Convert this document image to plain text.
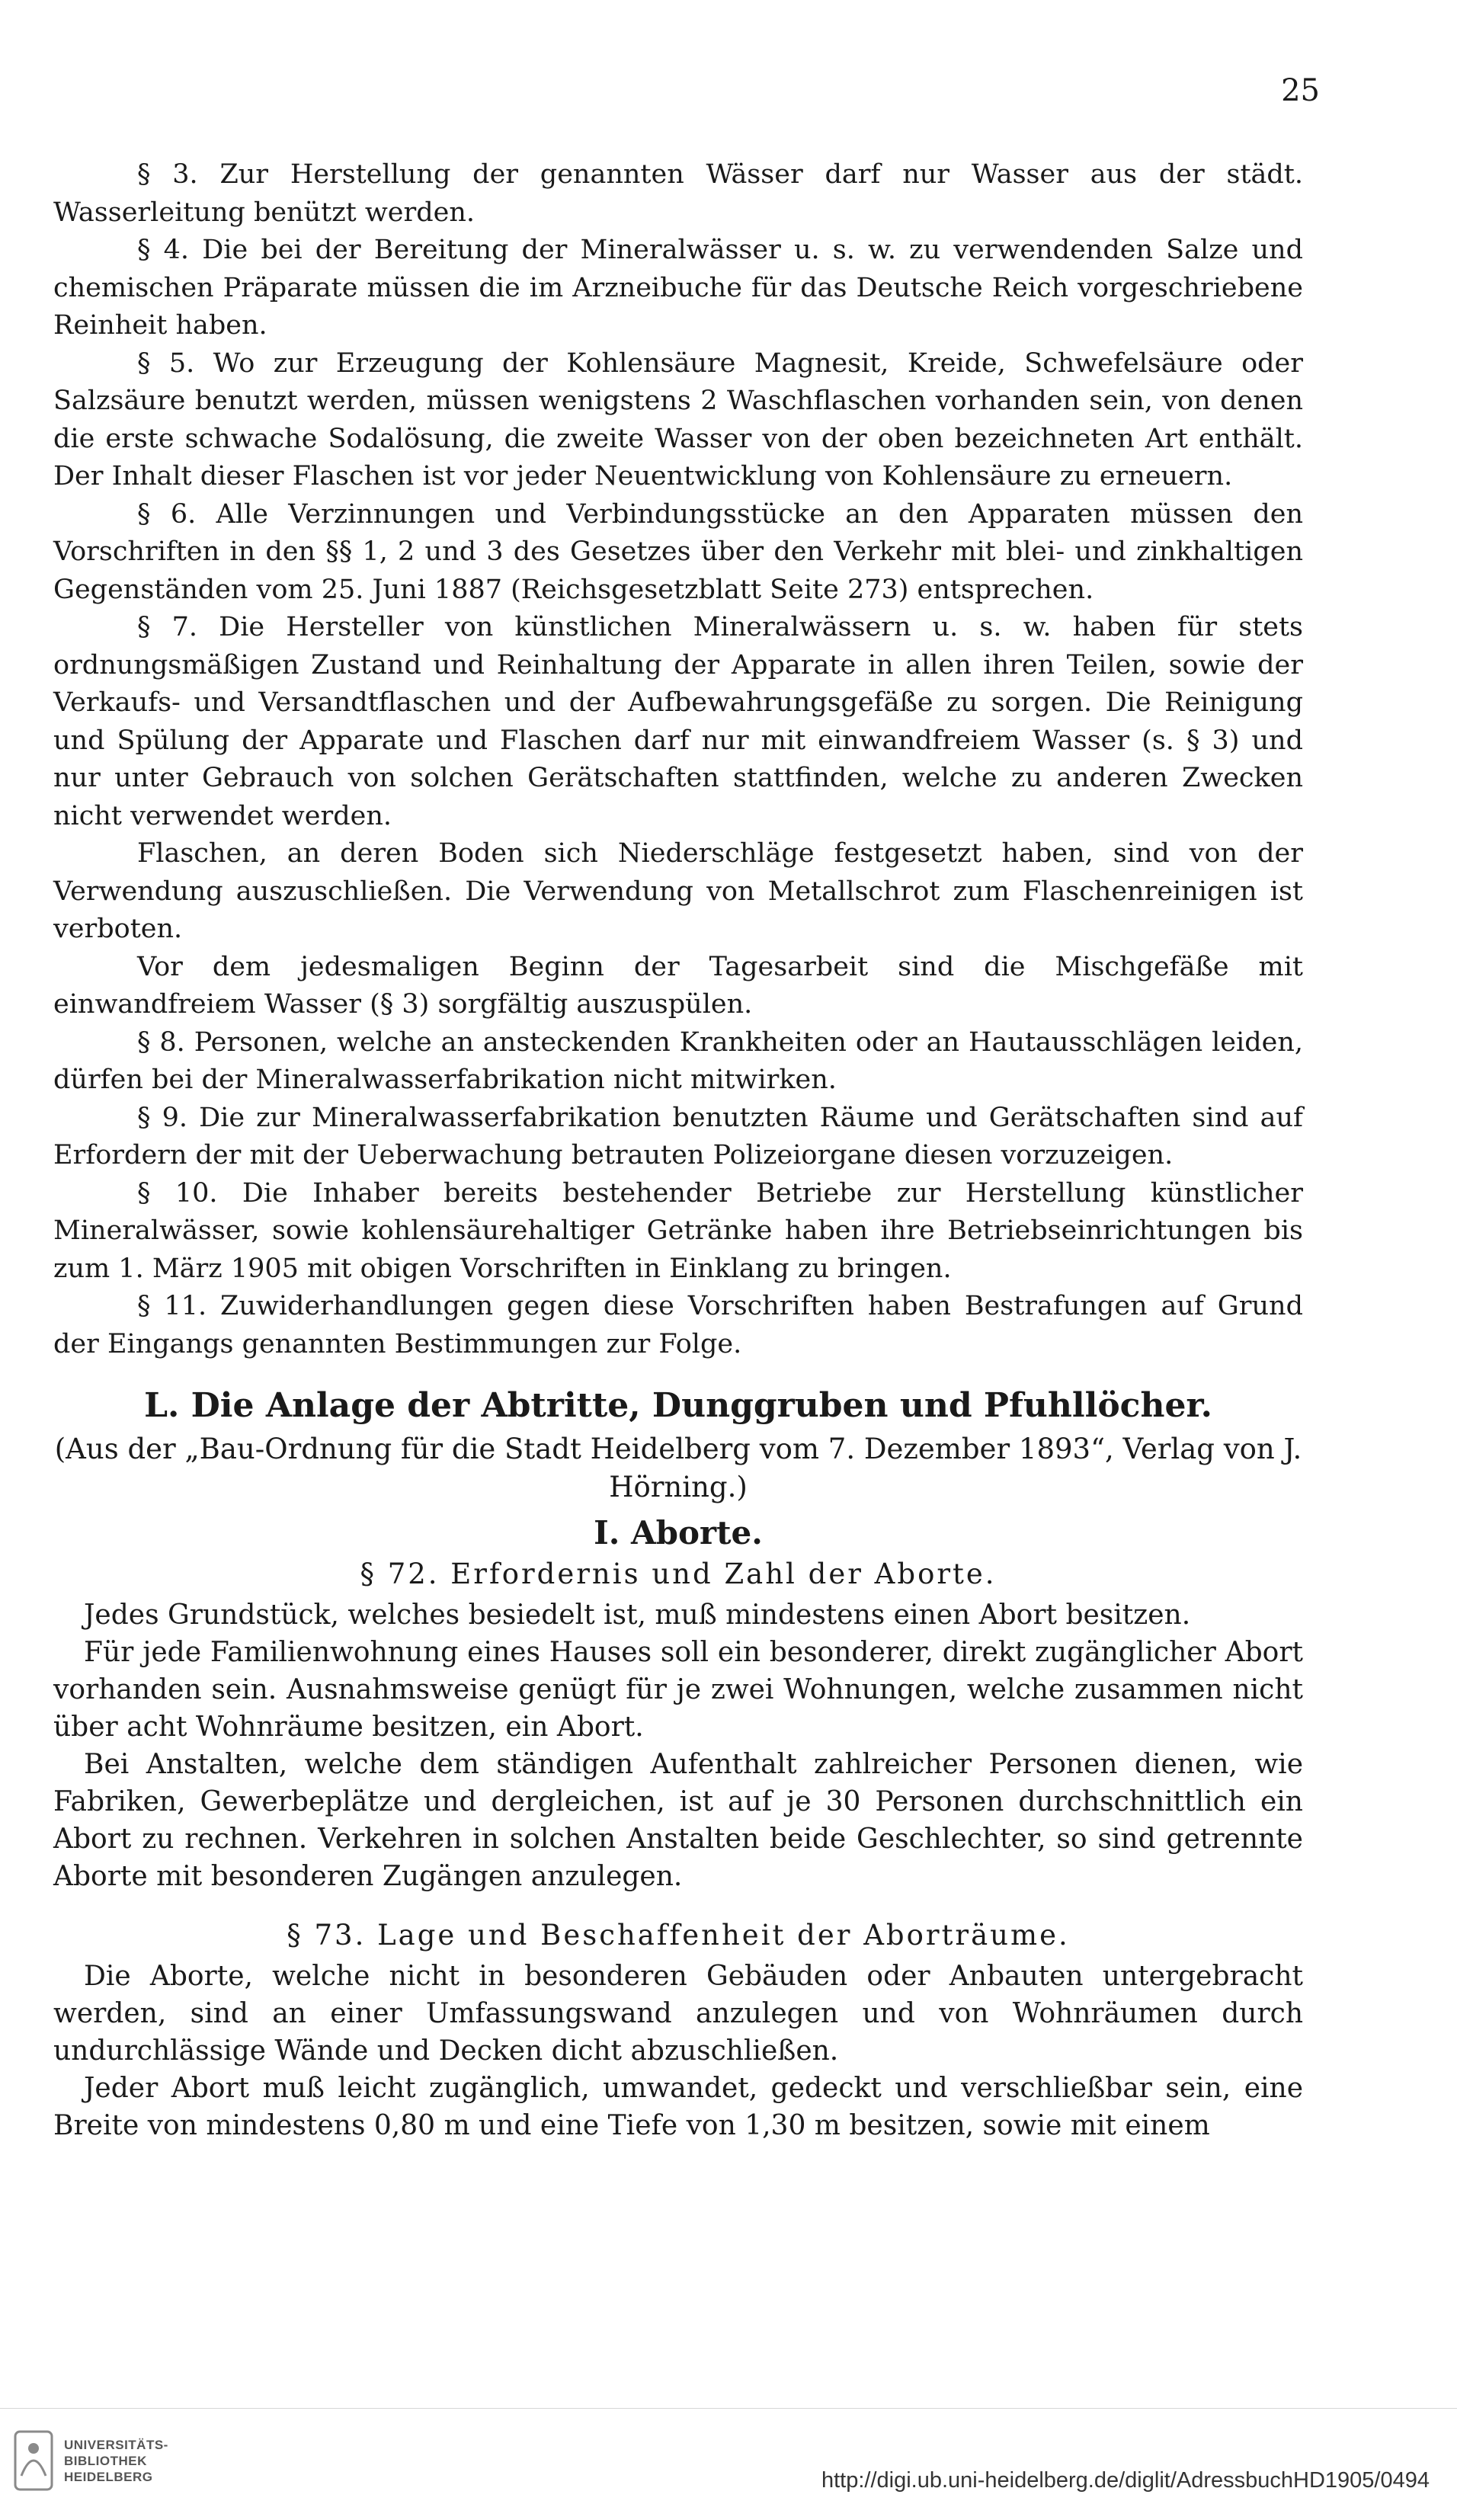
25

§ 3. Zur Herstellung der genannten Wässer darf nur Wasser aus der städt. Wasserleitung benützt werden.

§ 4. Die bei der Bereitung der Mineralwässer u. s. w. zu verwendenden Salze und chemischen Präparate müssen die im Arzneibuche für das Deutsche Reich vorgeschriebene Reinheit haben.

§ 5. Wo zur Erzeugung der Kohlensäure Magnesit, Kreide, Schwefelsäure oder Salzsäure benutzt werden, müssen wenigstens 2 Waschflaschen vorhanden sein, von denen die erste schwache Sodalösung, die zweite Wasser von der oben bezeichneten Art enthält. Der Inhalt dieser Flaschen ist vor jeder Neuentwicklung von Kohlensäure zu erneuern.

§ 6. Alle Verzinnungen und Verbindungsstücke an den Apparaten müssen den Vorschriften in den §§ 1, 2 und 3 des Gesetzes über den Verkehr mit blei- und zinkhaltigen Gegenständen vom 25. Juni 1887 (Reichsgesetzblatt Seite 273) entsprechen.

§ 7. Die Hersteller von künstlichen Mineralwässern u. s. w. haben für stets ordnungsmäßigen Zustand und Reinhaltung der Apparate in allen ihren Teilen, sowie der Verkaufs- und Versandtflaschen und der Aufbewahrungsgefäße zu sorgen. Die Reinigung und Spülung der Apparate und Flaschen darf nur mit einwandfreiem Wasser (s. § 3) und nur unter Gebrauch von solchen Gerätschaften stattfinden, welche zu anderen Zwecken nicht verwendet werden.

Flaschen, an deren Boden sich Niederschläge festgesetzt haben, sind von der Verwendung auszuschließen. Die Verwendung von Metallschrot zum Flaschenreinigen ist verboten.

Vor dem jedesmaligen Beginn der Tagesarbeit sind die Mischgefäße mit einwandfreiem Wasser (§ 3) sorgfältig auszuspülen.

§ 8. Personen, welche an ansteckenden Krankheiten oder an Hautausschlägen leiden, dürfen bei der Mineralwasserfabrikation nicht mitwirken.

§ 9. Die zur Mineralwasserfabrikation benutzten Räume und Gerätschaften sind auf Erfordern der mit der Ueberwachung betrauten Polizeiorgane diesen vorzuzeigen.

§ 10. Die Inhaber bereits bestehender Betriebe zur Herstellung künstlicher Mineralwässer, sowie kohlensäurehaltiger Getränke haben ihre Betriebseinrichtungen bis zum 1. März 1905 mit obigen Vorschriften in Einklang zu bringen.

§ 11. Zuwiderhandlungen gegen diese Vorschriften haben Bestrafungen auf Grund der Eingangs genannten Bestimmungen zur Folge.

L. Die Anlage der Abtritte, Dunggruben und Pfuhllöcher.

(Aus der „Bau-Ordnung für die Stadt Heidelberg vom 7. Dezember 1893“, Verlag von J. Hörning.)

I. Aborte.
§ 72. Erfordernis und Zahl der Aborte.

Jedes Grundstück, welches besiedelt ist, muß mindestens einen Abort besitzen.

Für jede Familienwohnung eines Hauses soll ein besonderer, direkt zugänglicher Abort vorhanden sein. Ausnahmsweise genügt für je zwei Wohnungen, welche zusammen nicht über acht Wohnräume besitzen, ein Abort.

Bei Anstalten, welche dem ständigen Aufenthalt zahlreicher Personen dienen, wie Fabriken, Gewerbeplätze und dergleichen, ist auf je 30 Personen durchschnittlich ein Abort zu rechnen. Verkehren in solchen Anstalten beide Geschlechter, so sind getrennte Aborte mit besonderen Zugängen anzulegen.

§ 73. Lage und Beschaffenheit der Aborträume.

Die Aborte, welche nicht in besonderen Gebäuden oder Anbauten untergebracht werden, sind an einer Umfassungswand anzulegen und von Wohnräumen durch undurchlässige Wände und Decken dicht abzuschließen.

Jeder Abort muß leicht zugänglich, umwandet, gedeckt und verschließbar sein, eine Breite von mindestens 0,80 m und eine Tiefe von 1,30 m besitzen, sowie mit einem

UNIVERSITÄTS-
BIBLIOTHEK
HEIDELBERG	http://digi.ub.uni-heidelberg.de/diglit/AdressbuchHD1905/0494
